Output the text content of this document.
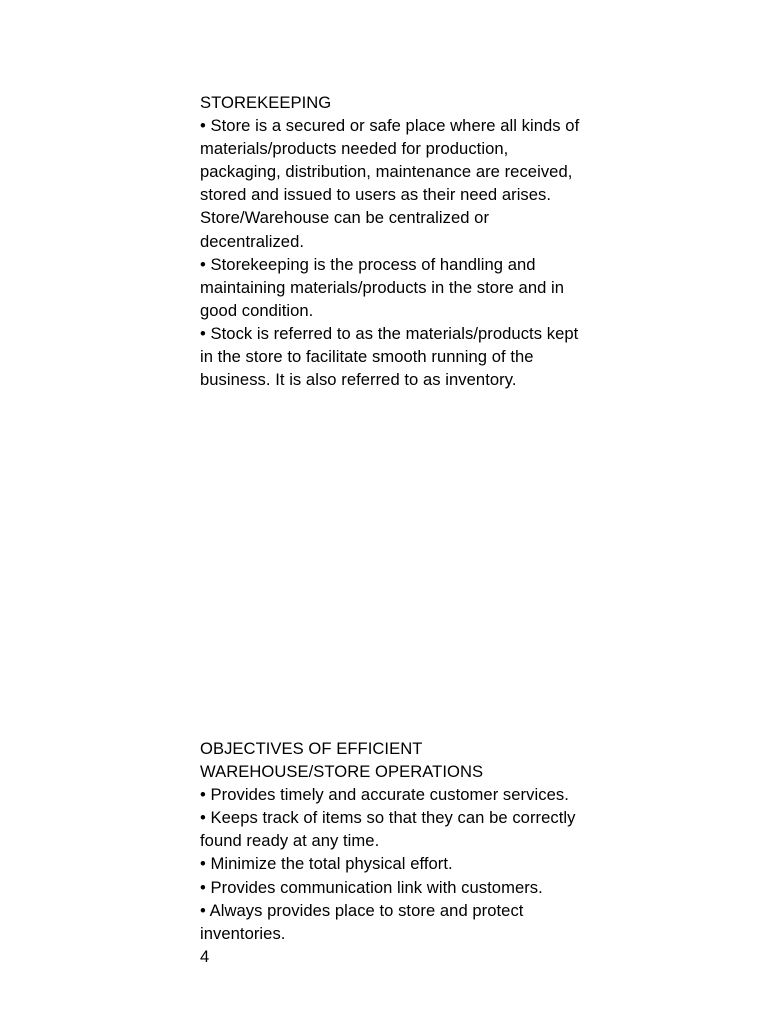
STOREKEEPING

• Store is a secured or safe place where all kinds of materials/products needed for production, packaging, distribution, maintenance are received, stored and issued to users as their need arises. Store/Warehouse can be centralized or decentralized.

• Storekeeping is the process of handling and maintaining materials/products in the store and in good condition.

• Stock is referred to as the materials/products kept in the store to facilitate smooth running of the business. It is also referred to as inventory.

OBJECTIVES OF EFFICIENT WAREHOUSE/STORE OPERATIONS

• Provides timely and accurate customer services.

• Keeps track of items so that they can be correctly found ready at any time.

• Minimize the total physical effort.

• Provides communication link with customers.

• Always provides place to store and protect inventories.

4
